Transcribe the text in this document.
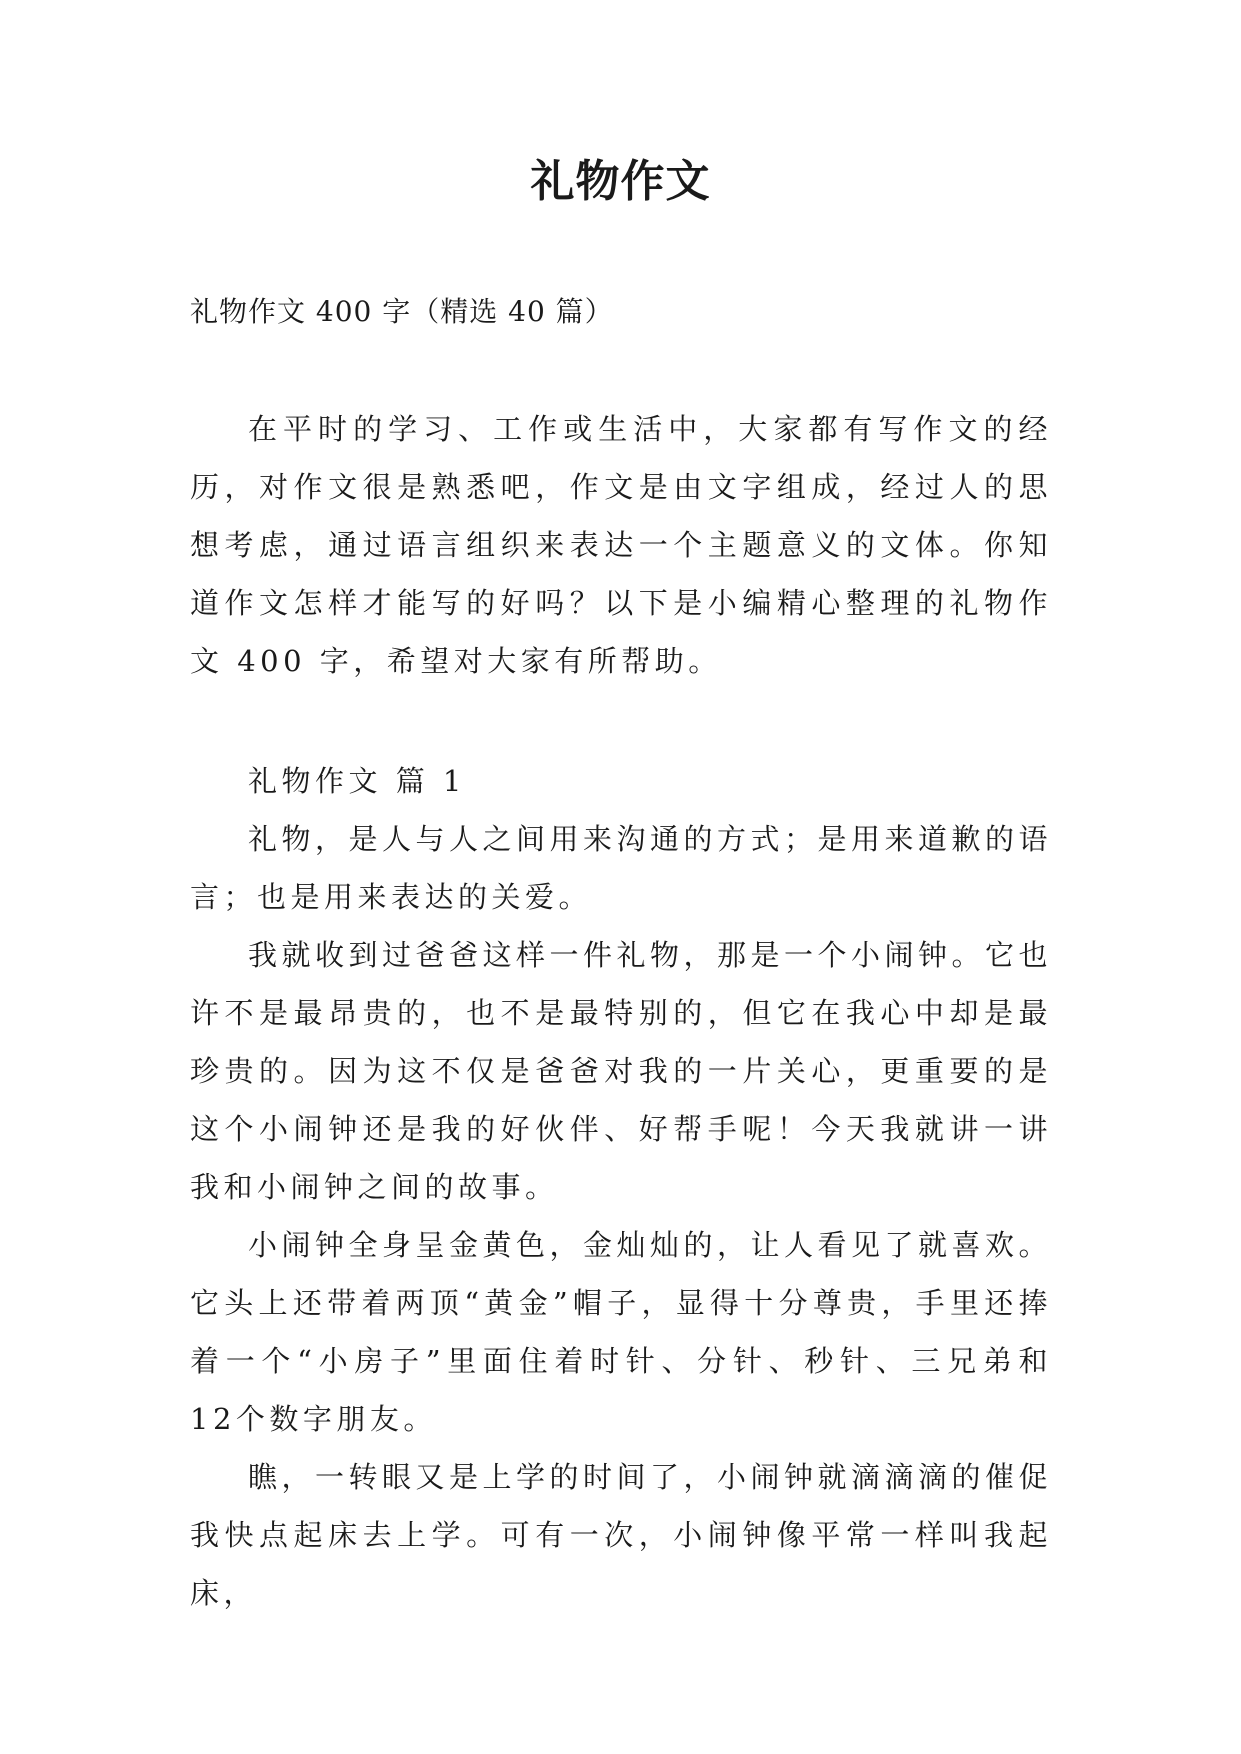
礼物作文
礼物作文 400 字（精选 40 篇）

在平时的学习、工作或生活中，大家都有写作文的经历，对作文很是熟悉吧，作文是由文字组成，经过人的思想考虑，通过语言组织来表达一个主题意义的文体。你知道作文怎样才能写的好吗？以下是小编精心整理的礼物作文 400 字，希望对大家有所帮助。

礼物作文 篇 1

礼物，是人与人之间用来沟通的方式；是用来道歉的语言；也是用来表达的关爱。

我就收到过爸爸这样一件礼物，那是一个小闹钟。它也许不是最昂贵的，也不是最特别的，但它在我心中却是最珍贵的。因为这不仅是爸爸对我的一片关心，更重要的是这个小闹钟还是我的好伙伴、好帮手呢！今天我就讲一讲我和小闹钟之间的故事。

小闹钟全身呈金黄色，金灿灿的，让人看见了就喜欢。它头上还带着两顶“黄金”帽子，显得十分尊贵，手里还捧着一个“小房子”里面住着时针、分针、秒针、三兄弟和 12个数字朋友。

瞧，一转眼又是上学的时间了，小闹钟就滴滴滴的催促我快点起床去上学。可有一次，小闹钟像平常一样叫我起床，
